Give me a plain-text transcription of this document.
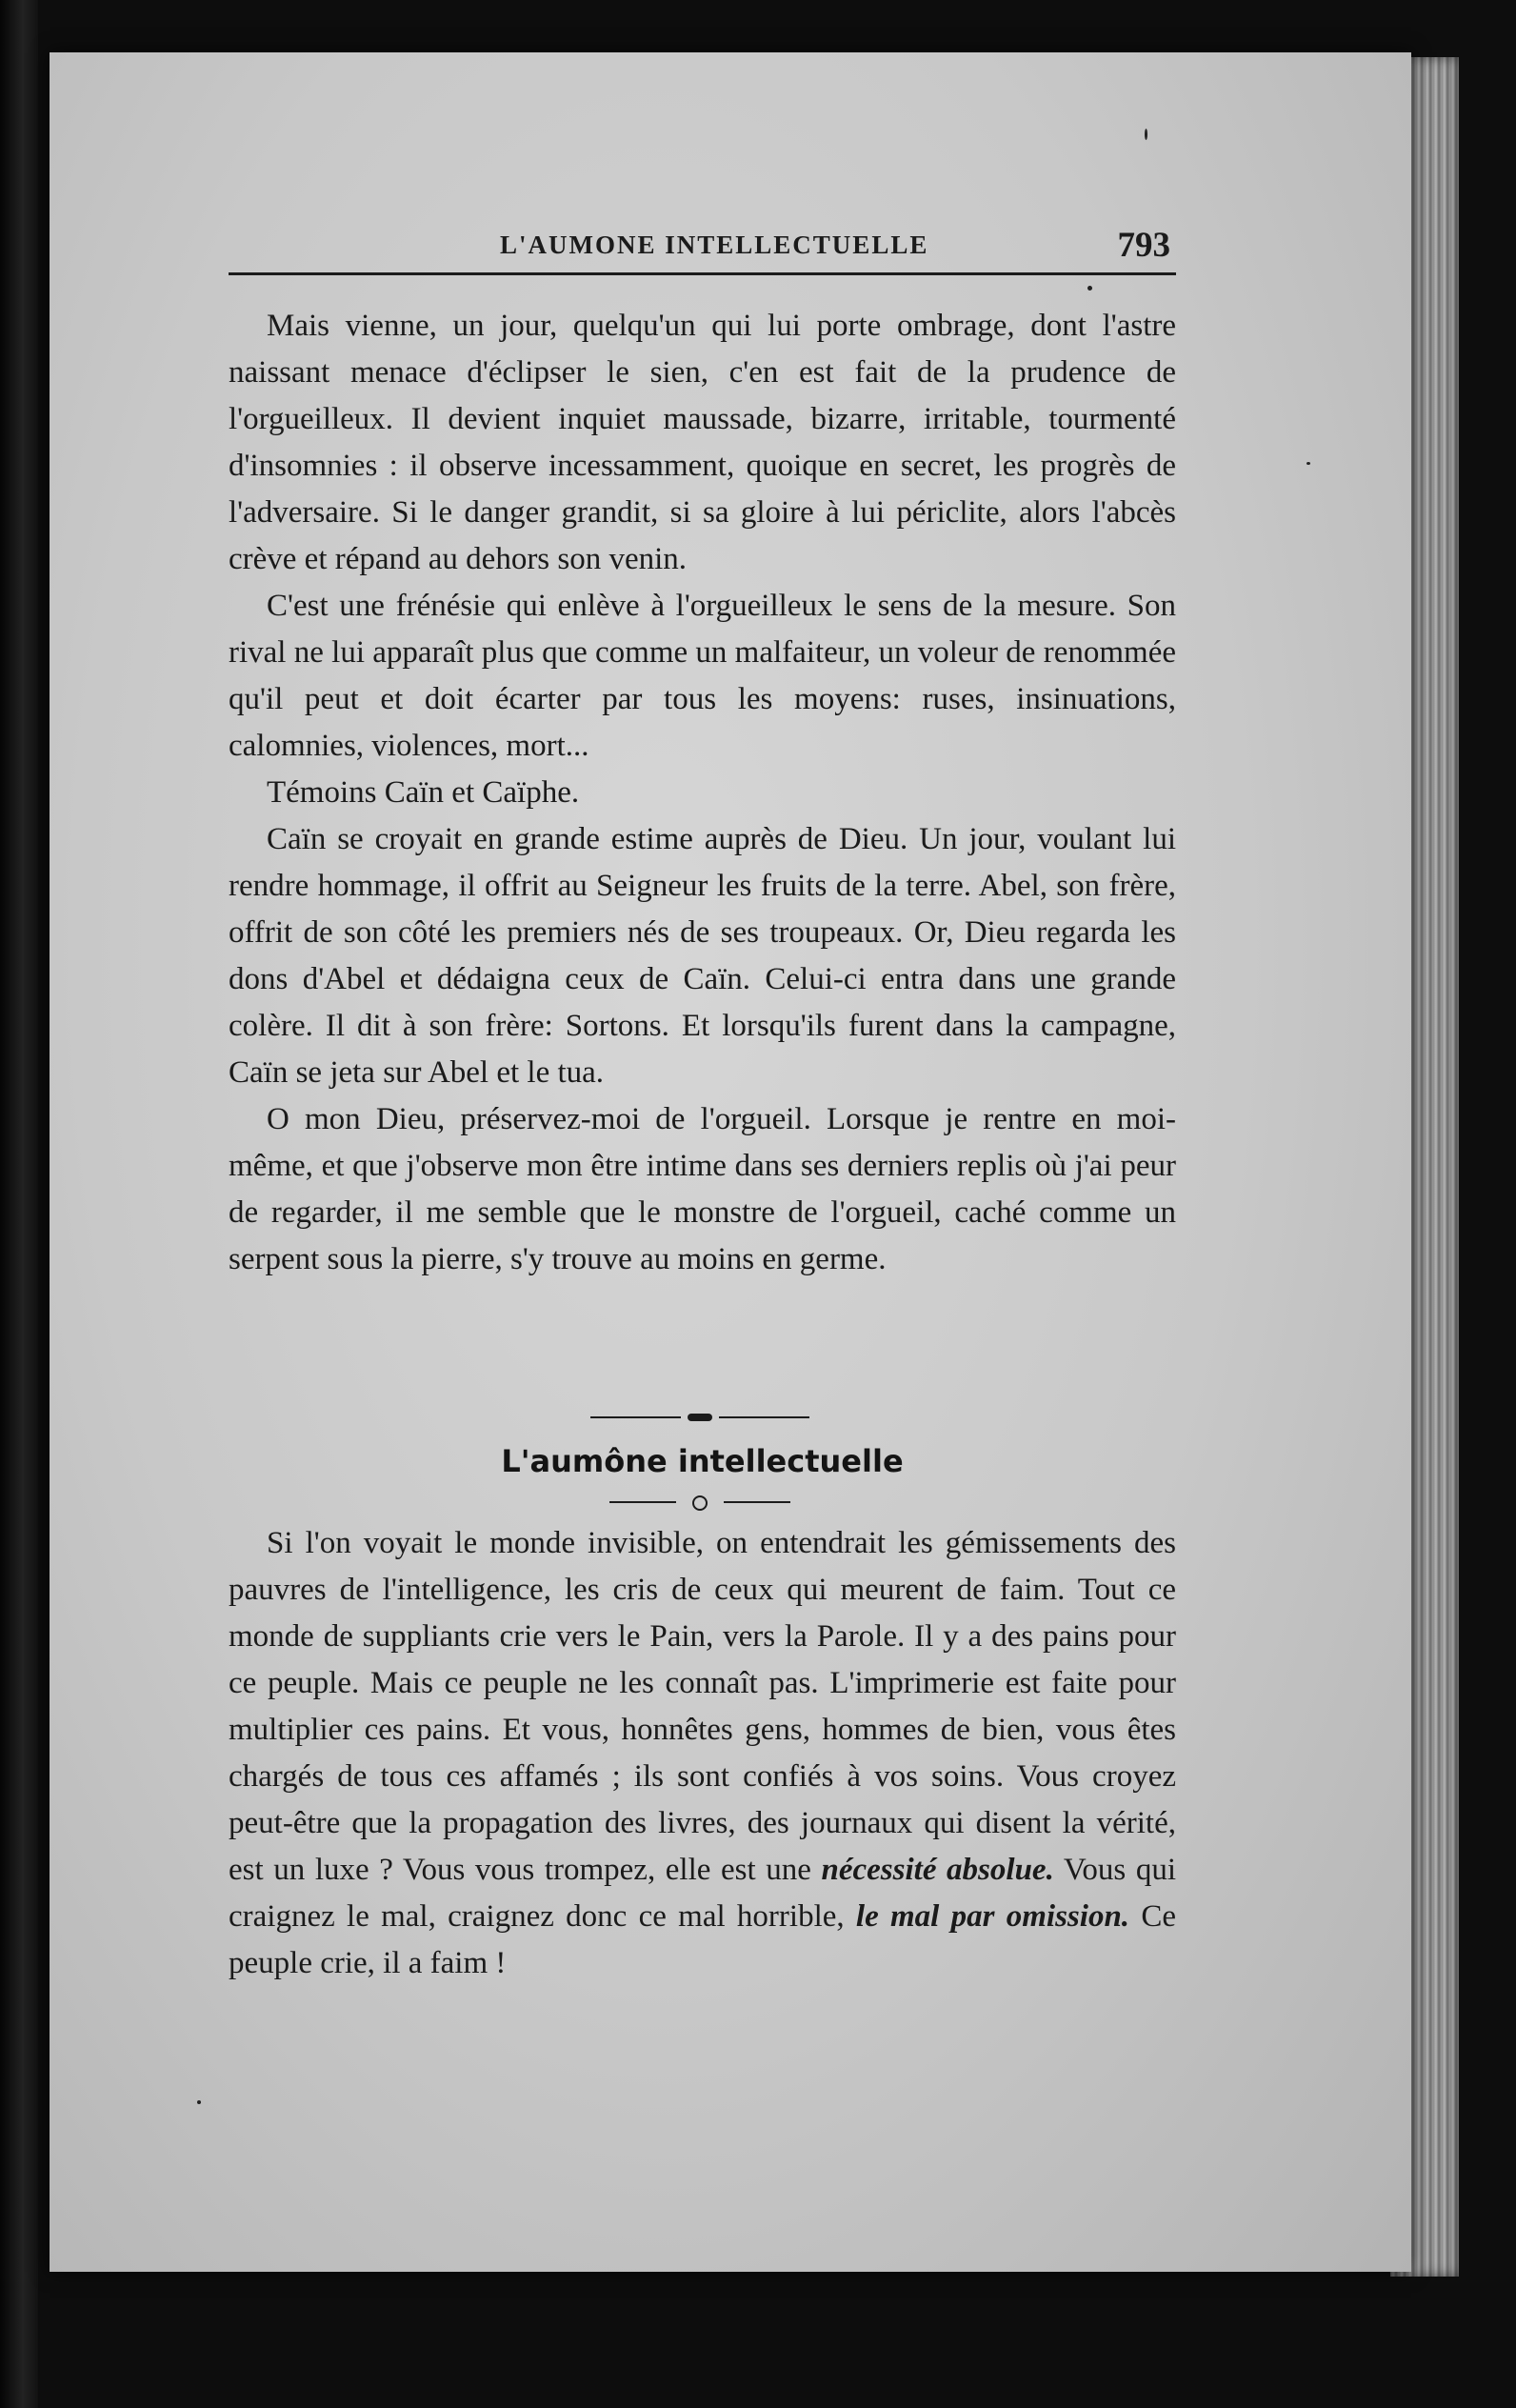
L'AUMONE INTELLECTUELLE	793

Mais vienne, un jour, quelqu'un qui lui porte ombrage, dont l'astre naissant menace d'éclipser le sien, c'en est fait de la prudence de l'orgueilleux. Il devient inquiet maussade, bizarre, irritable, tourmenté d'insomnies : il observe incessamment, quoique en secret, les progrès de l'adversaire. Si le danger grandit, si sa gloire à lui périclite, alors l'abcès crève et répand au dehors son venin.

C'est une frénésie qui enlève à l'orgueilleux le sens de la mesure. Son rival ne lui apparaît plus que comme un malfaiteur, un voleur de renommée qu'il peut et doit écarter par tous les moyens: ruses, insinuations, calomnies, violences, mort...

Témoins Caïn et Caïphe.

Caïn se croyait en grande estime auprès de Dieu. Un jour, voulant lui rendre hommage, il offrit au Seigneur les fruits de la terre. Abel, son frère, offrit de son côté les premiers nés de ses troupeaux. Or, Dieu regarda les dons d'Abel et dédaigna ceux de Caïn. Celui-ci entra dans une grande colère. Il dit à son frère: Sortons. Et lorsqu'ils furent dans la campagne, Caïn se jeta sur Abel et le tua.

O mon Dieu, préservez-moi de l'orgueil. Lorsque je rentre en moi-même, et que j'observe mon être intime dans ses derniers replis où j'ai peur de regarder, il me semble que le monstre de l'orgueil, caché comme un serpent sous la pierre, s'y trouve au moins en germe.

L'aumône intellectuelle

Si l'on voyait le monde invisible, on entendrait les gémissements des pauvres de l'intelligence, les cris de ceux qui meurent de faim. Tout ce monde de suppliants crie vers le Pain, vers la Parole. Il y a des pains pour ce peuple. Mais ce peuple ne les connaît pas. L'imprimerie est faite pour multiplier ces pains. Et vous, honnêtes gens, hommes de bien, vous êtes chargés de tous ces affamés ; ils sont confiés à vos soins. Vous croyez peut-être que la propagation des livres, des journaux qui disent la vérité, est un luxe ? Vous vous trompez, elle est une nécessité absolue. Vous qui craignez le mal, craignez donc ce mal horrible, le mal par omission. Ce peuple crie, il a faim !
